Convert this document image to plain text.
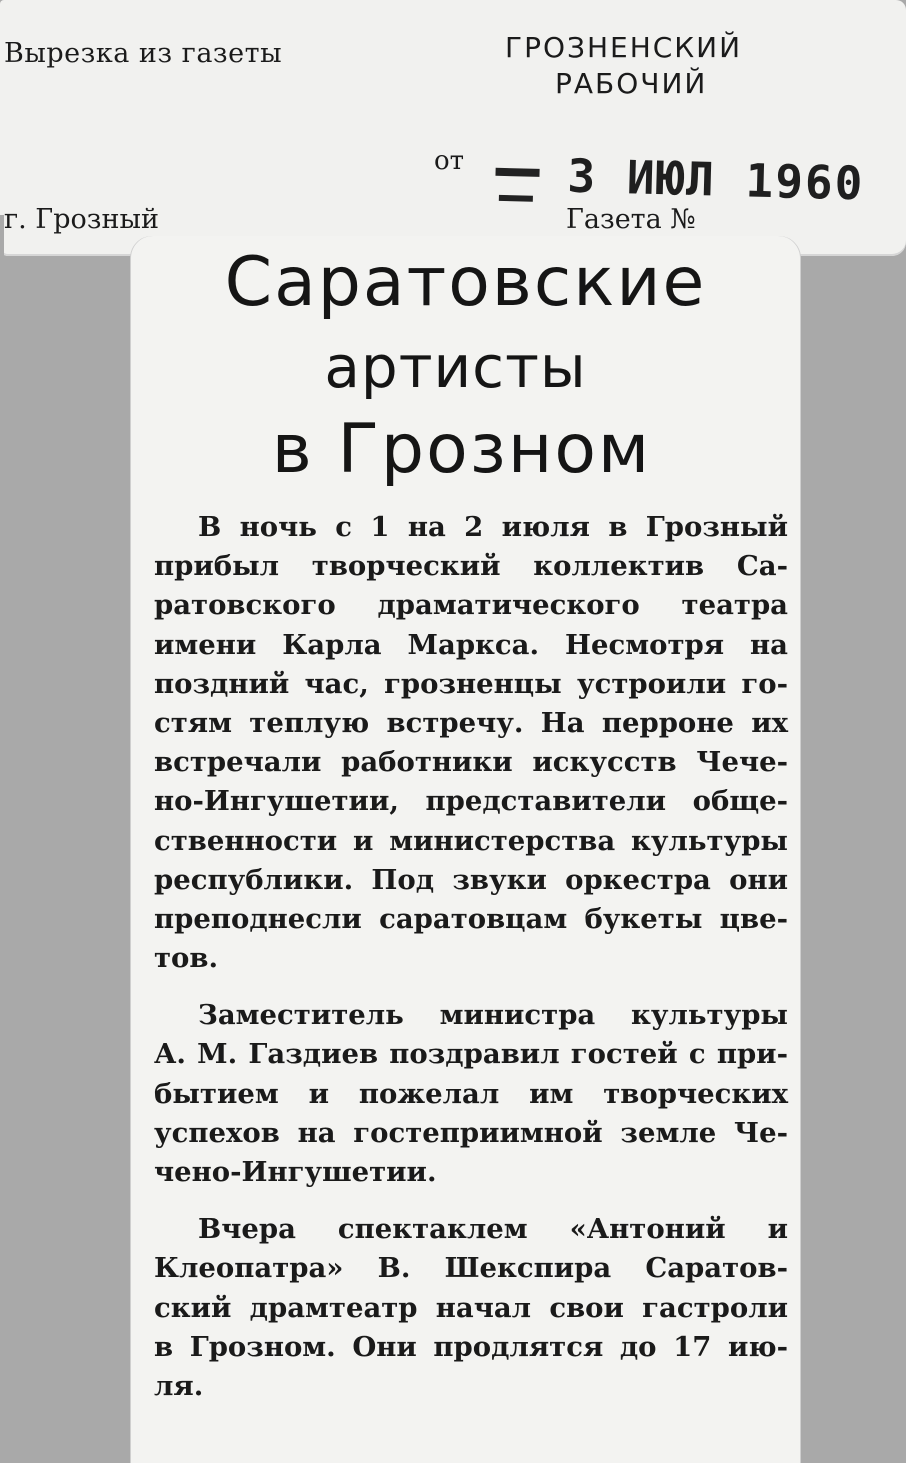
Вырезка из газеты	ГРОЗНЕНСКИЙ
РАБОЧИЙ
от
г. Грозный	Газета №
3 ИЮЛ 1960
Саратовские
артисты
в Грозном
В ночь с 1 на 2 июля в Грозный
прибыл творческий коллектив Са-
ратовского драматического театра
имени Карла Маркса. Несмотря на
поздний час, грозненцы устроили го-
стям теплую встречу. На перроне их
встречали работники искусств Чече-
но-Ингушетии, представители обще-
ственности и министерства культуры
республики. Под звуки оркестра они
преподнесли саратовцам букеты цве-
тов.
Заместитель министра культуры
А. М. Газдиев поздравил гостей с при-
бытием и пожелал им творческих
успехов на гостеприимной земле Че-
чено-Ингушетии.
Вчера спектаклем «Антоний и
Клеопатра» В. Шекспира Саратов-
ский драмтеатр начал свои гастроли
в Грозном. Они продлятся до 17 ию-
ля.
